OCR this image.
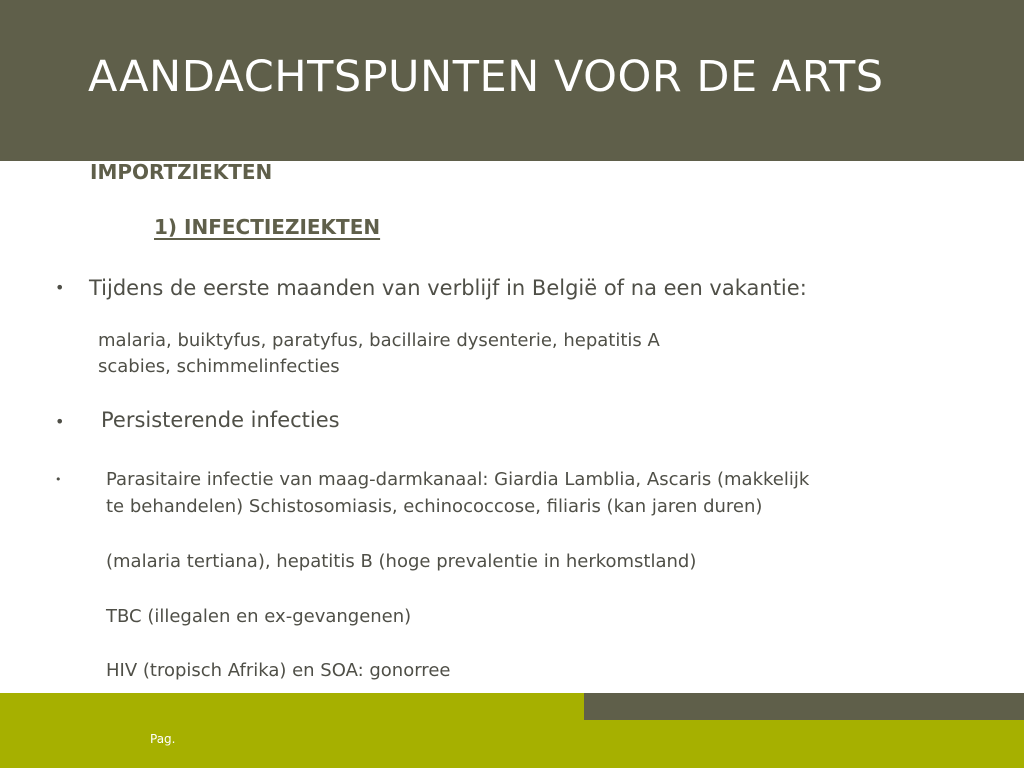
AANDACHTSPUNTEN VOOR DE ARTS
IMPORTZIEKTEN
1) INFECTIEZIEKTEN
• Tijdens de eerste maanden van verblijf in België of na een vakantie:
malaria, buiktyfus, paratyfus, bacillaire dysenterie, hepatitis A
scabies, schimmelinfecties
• Persisterende infecties
• Parasitaire infectie van maag-darmkanaal: Giardia Lamblia, Ascaris (makkelijk
te behandelen) Schistosomiasis, echinococcose, filiaris (kan jaren duren)
(malaria tertiana), hepatitis B (hoge prevalentie in herkomstland)
TBC (illegalen en ex-gevangenen)
HIV (tropisch Afrika) en SOA: gonorree
Pag.
